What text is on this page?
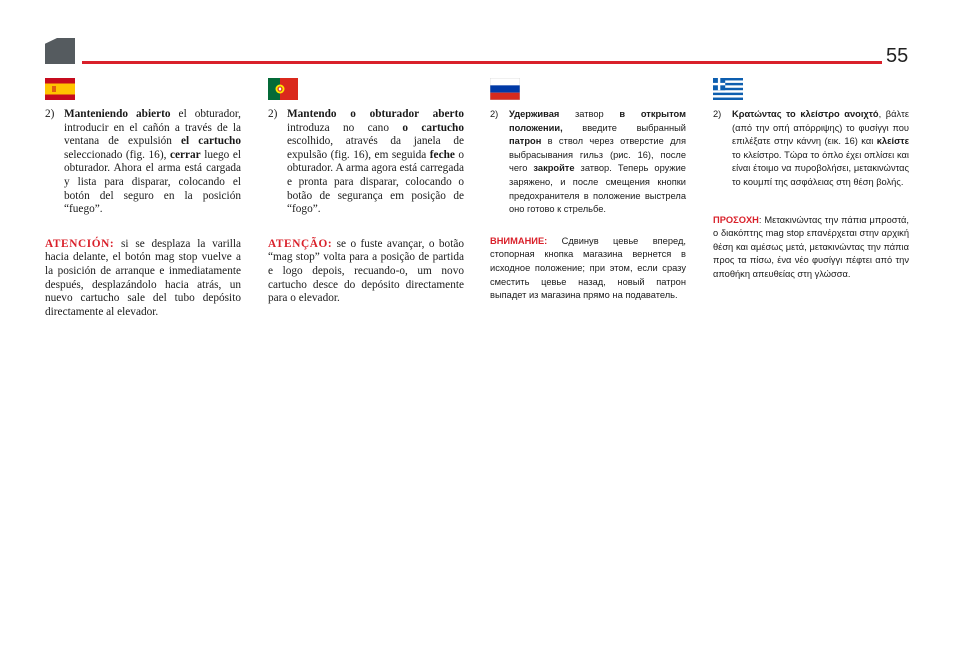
55

2) Manteniendo abierto el obturador, introducir en el cañón a través de la ventana de expulsión el cartucho seleccionado (fig. 16), cerrar luego el obturador. Ahora el arma está cargada y lista para disparar, colocando el botón del seguro en la posición “fuego”.

ATENCIÓN: si se desplaza la varilla hacia delante, el botón mag stop vuelve a la posición de arranque e inmediatamente después, desplazándolo hacia atrás, un nuevo cartucho sale del tubo depósito directamente al elevador.

2) Mantendo o obturador aberto introduza no cano o cartucho escolhido, através da janela de expulsão (fig. 16), em seguida feche o obturador. A arma agora está carregada e pronta para disparar, colocando o botão de segurança em posição de “fogo”.

ATENÇÃO: se o fuste avançar, o botão “mag stop” volta para a posição de partida e logo depois, recuando-o, um novo cartucho desce do depósito directamente para o elevador.

2) Удерживая затвор в открытом положении, введите выбранный патрон в ствол через отверстие для выбрасывания гильз (рис. 16), после чего закройте затвор. Теперь оружие заряжено, и после смещения кнопки предохранителя в положение выстрела оно готово к стрельбе.

ВНИМАНИЕ: Сдвинув цевье вперед, стопорная кнопка магазина вернется в исходное положение; при этом, если сразу сместить цевье назад, новый патрон выпадет из магазина прямо на подаватель.

2) Κρατώντας το κλείστρο ανοιχτό, βάλτε (από την οπή απόρριψης) το φυσίγγι που επιλέξατε στην κάννη (εικ. 16) και κλείστε το κλείστρο. Τώρα το όπλο έχει οπλίσει και είναι έτοιμο να πυροβολήσει, μετακινώντας το κουμπί της ασφάλειας στη θέση βολής.

ΠΡΟΣΟΧΗ: Μετακινώντας την πάπια μπροστά, ο διακόπτης mag stop επανέρχεται στην αρχική θέση και αμέσως μετά, μετακινώντας την πάπια προς τα πίσω, ένα νέο φυσίγγι πέφτει από την αποθήκη απευθείας στη γλώσσα.
